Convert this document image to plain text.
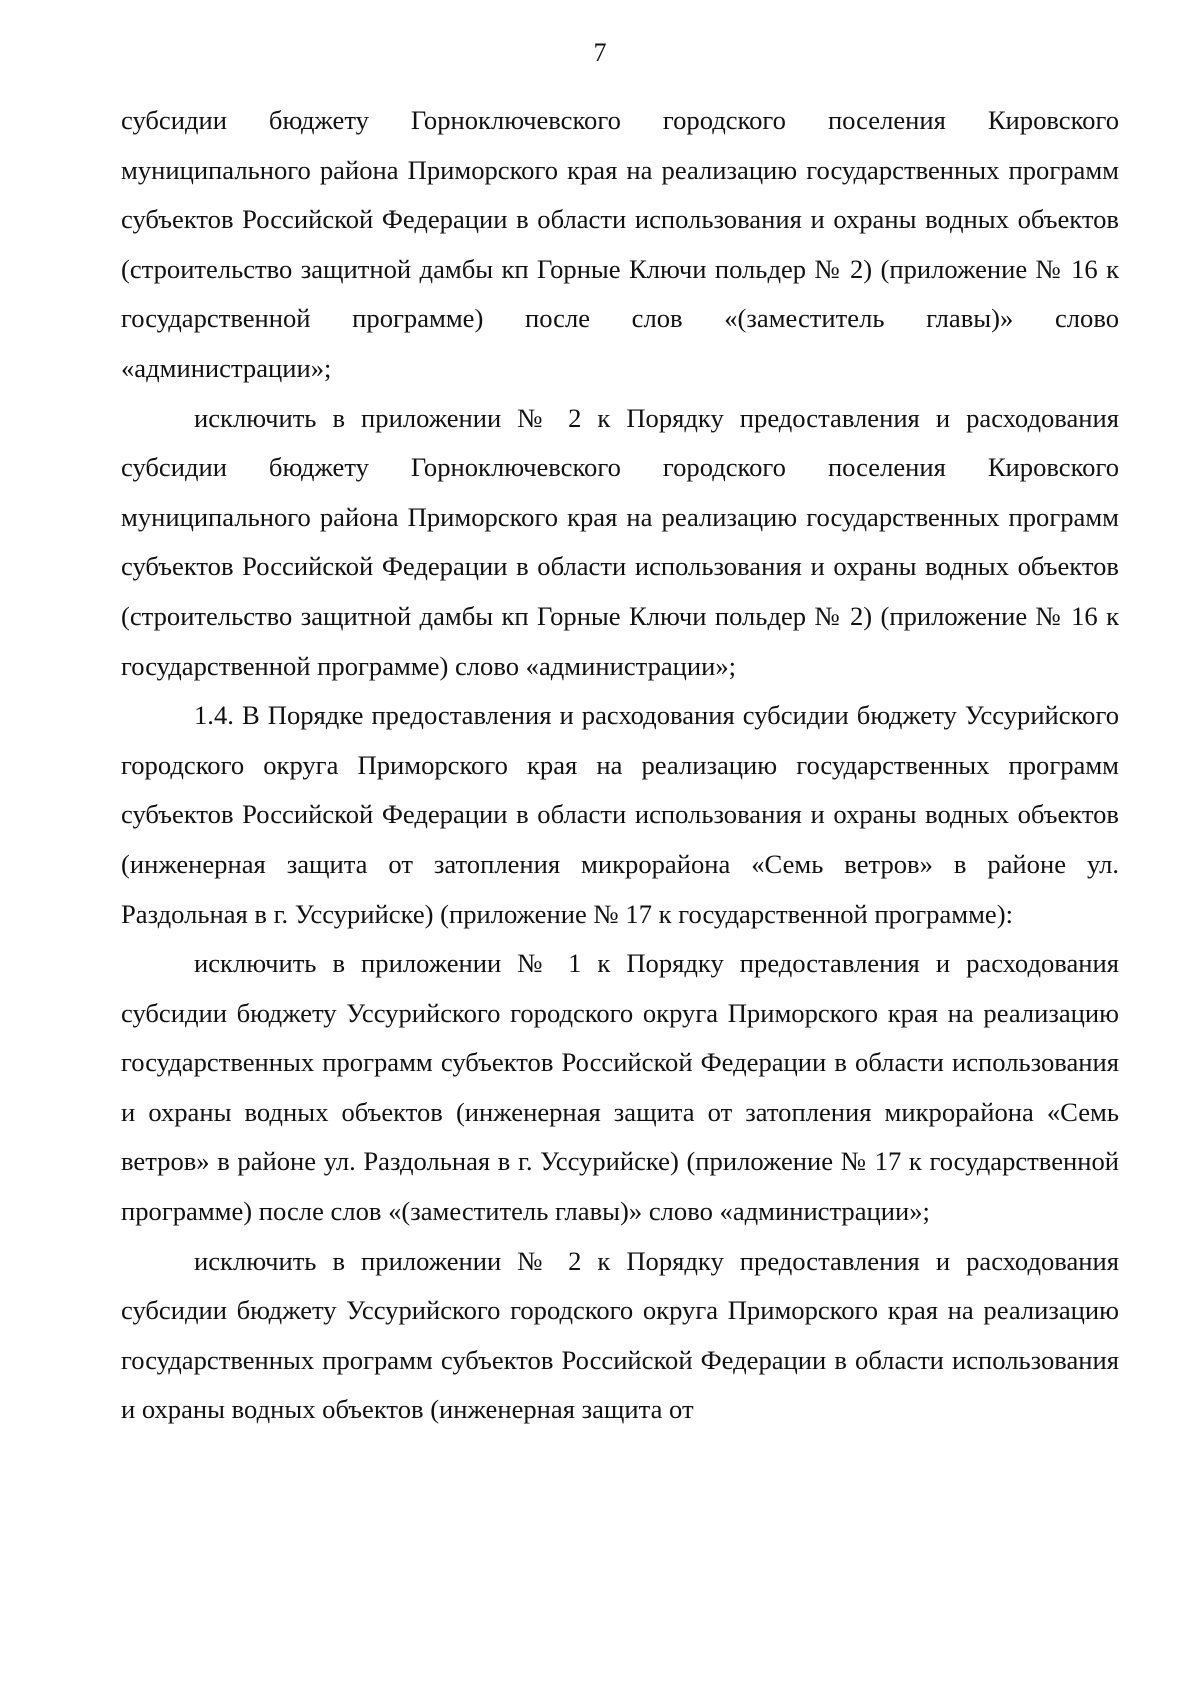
7

субсидии бюджету Горноключевского городского поселения Кировского муниципального района Приморского края на реализацию государственных программ субъектов Российской Федерации в области использования и охраны водных объектов (строительство защитной дамбы кп Горные Ключи польдер № 2) (приложение № 16 к государственной программе) после слов «(заместитель главы)» слово «администрации»;

исключить в приложении № 2 к Порядку предоставления и расходования субсидии бюджету Горноключевского городского поселения Кировского муниципального района Приморского края на реализацию государственных программ субъектов Российской Федерации в области использования и охраны водных объектов (строительство защитной дамбы кп Горные Ключи польдер № 2) (приложение № 16 к государственной программе) слово «администрации»;

1.4. В Порядке предоставления и расходования субсидии бюджету Уссурийского городского округа Приморского края на реализацию государственных программ субъектов Российской Федерации в области использования и охраны водных объектов (инженерная защита от затопления микрорайона «Семь ветров» в районе ул. Раздольная в г. Уссурийске) (приложение № 17 к государственной программе):

исключить в приложении № 1 к Порядку предоставления и расходования субсидии бюджету Уссурийского городского округа Приморского края на реализацию государственных программ субъектов Российской Федерации в области использования и охраны водных объектов (инженерная защита от затопления микрорайона «Семь ветров» в районе ул. Раздольная в г. Уссурийске) (приложение № 17 к государственной программе) после слов «(заместитель главы)» слово «администрации»;

исключить в приложении № 2 к Порядку предоставления и расходования субсидии бюджету Уссурийского городского округа Приморского края на реализацию государственных программ субъектов Российской Федерации в области использования и охраны водных объектов (инженерная защита от
